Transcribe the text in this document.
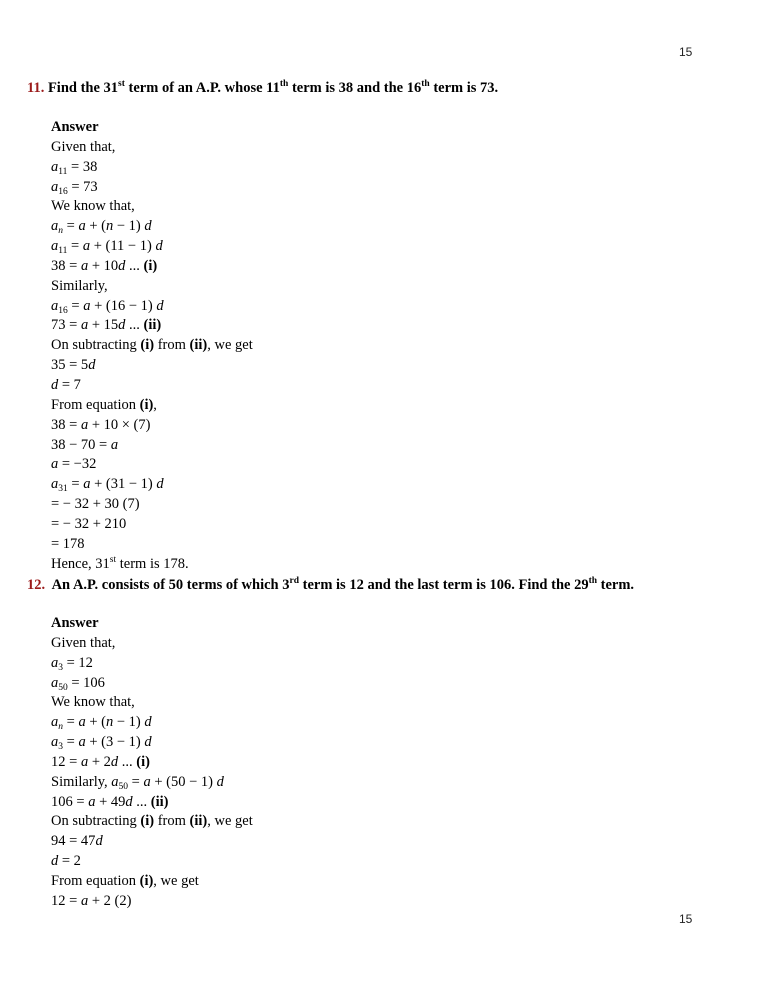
15
11. Find the 31st term of an A.P. whose 11th term is 38 and the 16th term is 73.
Answer
Given that,
$a_{11} = 38$
$a_{16} = 73$
We know that,
$a_n = a + (n - 1)$ d
$a_{11} = a + (11 - 1)$ d
38 = a + 10d ... (i)
Similarly,
$a_{16} = a + (16 - 1)$ d
73 = a + 15d ... (ii)
On subtracting (i) from (ii), we get
35 = 5d
d = 7
From equation (i),
38 = a + 10 × (7)
38 − 70 = a
a = −32
$a_{31} = a + (31 - 1)$ d
= − 32 + 30 (7)
= − 32 + 210
= 178
Hence, 31st term is 178.
12. An A.P. consists of 50 terms of which 3rd term is 12 and the last term is 106. Find the 29th term.
Answer
Given that,
$a_3 = 12$
$a_{50} = 106$
We know that,
$a_n = a + (n - 1)$ d
$a_3 = a + (3 - 1)$ d
12 = a + 2d ... (i)
Similarly, $a_{50} = a + (50 - 1)$ d
106 = a + 49d ... (ii)
On subtracting (i) from (ii), we get
94 = 47d
d = 2
From equation (i), we get
12 = a + 2 (2)
15
